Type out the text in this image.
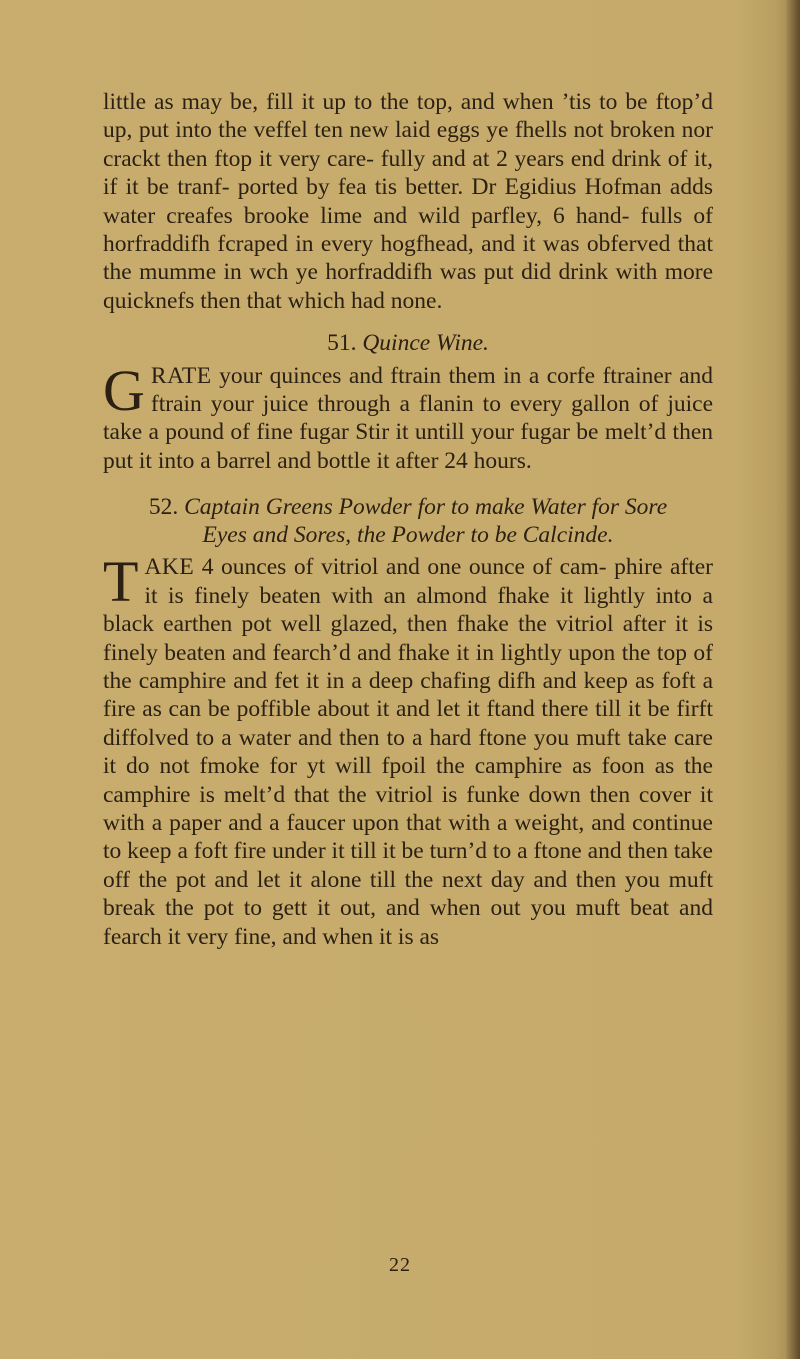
little as may be, fill it up to the top, and when ’tis to be ftop’d up, put into the veffel ten new laid eggs ye fhells not broken nor crackt then ftop it very care- fully and at 2 years end drink of it, if it be tranf- ported by fea tis better. Dr Egidius Hofman adds water creafes brooke lime and wild parfley, 6 hand- fulls of horfraddifh fcraped in every hogfhead, and it was obferved that the mumme in wch ye horfraddifh was put did drink with more quicknefs then that which had none.

51. Quince Wine.

GRATE your quinces and ftrain them in a corfe ftrainer and ftrain your juice through a flanin to every gallon of juice take a pound of fine fugar Stir it untill your fugar be melt’d then put it into a barrel and bottle it after 24 hours.

52. Captain Greens Powder for to make Water for Sore
Eyes and Sores, the Powder to be Calcinde.

TAKE 4 ounces of vitriol and one ounce of cam- phire after it is finely beaten with an almond fhake it lightly into a black earthen pot well glazed, then fhake the vitriol after it is finely beaten and fearch’d and fhake it in lightly upon the top of the camphire and fet it in a deep chafing difh and keep as foft a fire as can be poffible about it and let it ftand there till it be firft diffolved to a water and then to a hard ftone you muft take care it do not fmoke for yt will fpoil the camphire as foon as the camphire is melt’d that the vitriol is funke down then cover it with a paper and a faucer upon that with a weight, and continue to keep a foft fire under it till it be turn’d to a ftone and then take off the pot and let it alone till the next day and then you muft break the pot to gett it out, and when out you muft beat and fearch it very fine, and when it is as

22
